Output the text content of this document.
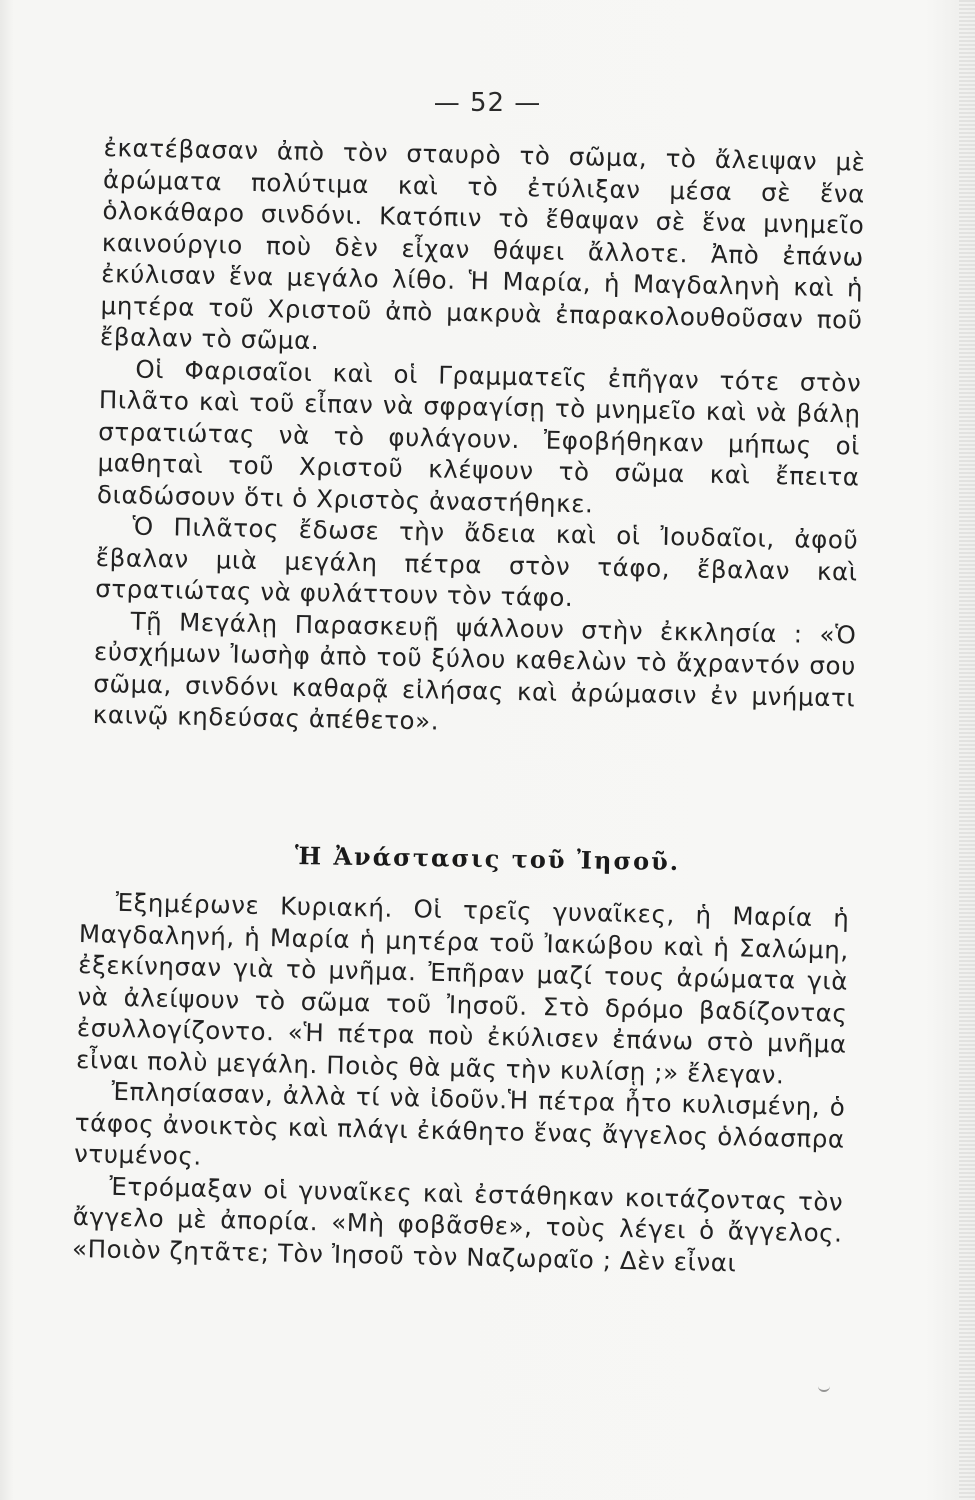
— 52 —

ἐκατέβασαν ἀπὸ τὸν σταυρὸ τὸ σῶμα, τὸ ἄλειψαν μὲ ἀρώματα πολύτιμα καὶ τὸ ἐτύλιξαν μέσα σὲ ἕνα ὁλοκάθαρο σινδόνι. Κατόπιν τὸ ἔθαψαν σὲ ἕνα μνημεῖο καινούργιο ποὺ δὲν εἶχαν θάψει ἄλλοτε. Ἀπὸ ἐπάνω ἐκύλισαν ἕνα μεγάλο λίθο. Ἡ Μαρία, ἡ Μαγδαληνὴ καὶ ἡ μητέρα τοῦ Χριστοῦ ἀπὸ μακρυὰ ἐπαρακολουθοῦσαν ποῦ ἔβαλαν τὸ σῶμα.

Οἱ Φαρισαῖοι καὶ οἱ Γραμματεῖς ἐπῆγαν τότε στὸν Πιλᾶτο καὶ τοῦ εἶπαν νὰ σφραγίσῃ τὸ μνημεῖο καὶ νὰ βάλῃ στρατιώτας νὰ τὸ φυλάγουν. Ἐφοβήθηκαν μήπως οἱ μαθηταὶ τοῦ Χριστοῦ κλέψουν τὸ σῶμα καὶ ἔπειτα διαδώσουν ὅτι ὁ Χριστὸς ἀναστήθηκε.

Ὁ Πιλᾶτος ἔδωσε τὴν ἄδεια καὶ οἱ Ἰουδαῖοι, ἀφοῦ ἔβαλαν μιὰ μεγάλη πέτρα στὸν τάφο, ἔβαλαν καὶ στρατιώτας νὰ φυλάττουν τὸν τάφο.

Τῇ Μεγάλῃ Παρασκευῇ ψάλλουν στὴν ἐκκλησία : «Ὁ εὐσχήμων Ἰωσὴφ ἀπὸ τοῦ ξύλου καθελὼν τὸ ἄχραντόν σου σῶμα, σινδόνι καθαρᾷ εἰλήσας καὶ ἀρώμασιν ἐν μνήματι καινῷ κηδεύσας ἀπέθετο».

Ἡ Ἀνάστασις τοῦ Ἰησοῦ.

Ἐξημέρωνε Κυριακή. Οἱ τρεῖς γυναῖκες, ἡ Μαρία ἡ Μαγδαληνή, ἡ Μαρία ἡ μητέρα τοῦ Ἰακώβου καὶ ἡ Σαλώμη, ἐξεκίνησαν γιὰ τὸ μνῆμα. Ἐπῆραν μαζί τους ἀρώματα γιὰ νὰ ἀλείψουν τὸ σῶμα τοῦ Ἰησοῦ. Στὸ δρόμο βαδίζοντας ἐσυλλογίζοντο. «Ἡ πέτρα ποὺ ἐκύλισεν ἐπάνω στὸ μνῆμα εἶναι πολὺ μεγάλη. Ποιὸς θὰ μᾶς τὴν κυλίσῃ ;» ἔλεγαν.

Ἐπλησίασαν, ἀλλὰ τί νὰ ἰδοῦν.Ἡ πέτρα ἦτο κυλισμένη, ὁ τάφος ἀνοικτὸς καὶ πλάγι ἐκάθητο ἕνας ἄγγελος ὁλόασπρα ντυμένος.

Ἐτρόμαξαν οἱ γυναῖκες καὶ ἐστάθηκαν κοιτάζοντας τὸν ἄγγελο μὲ ἀπορία. «Μὴ φοβᾶσθε», τοὺς λέγει ὁ ἄγγελος. «Ποιὸν ζητᾶτε; Τὸν Ἰησοῦ τὸν Ναζωραῖο ; Δὲν εἶναι
